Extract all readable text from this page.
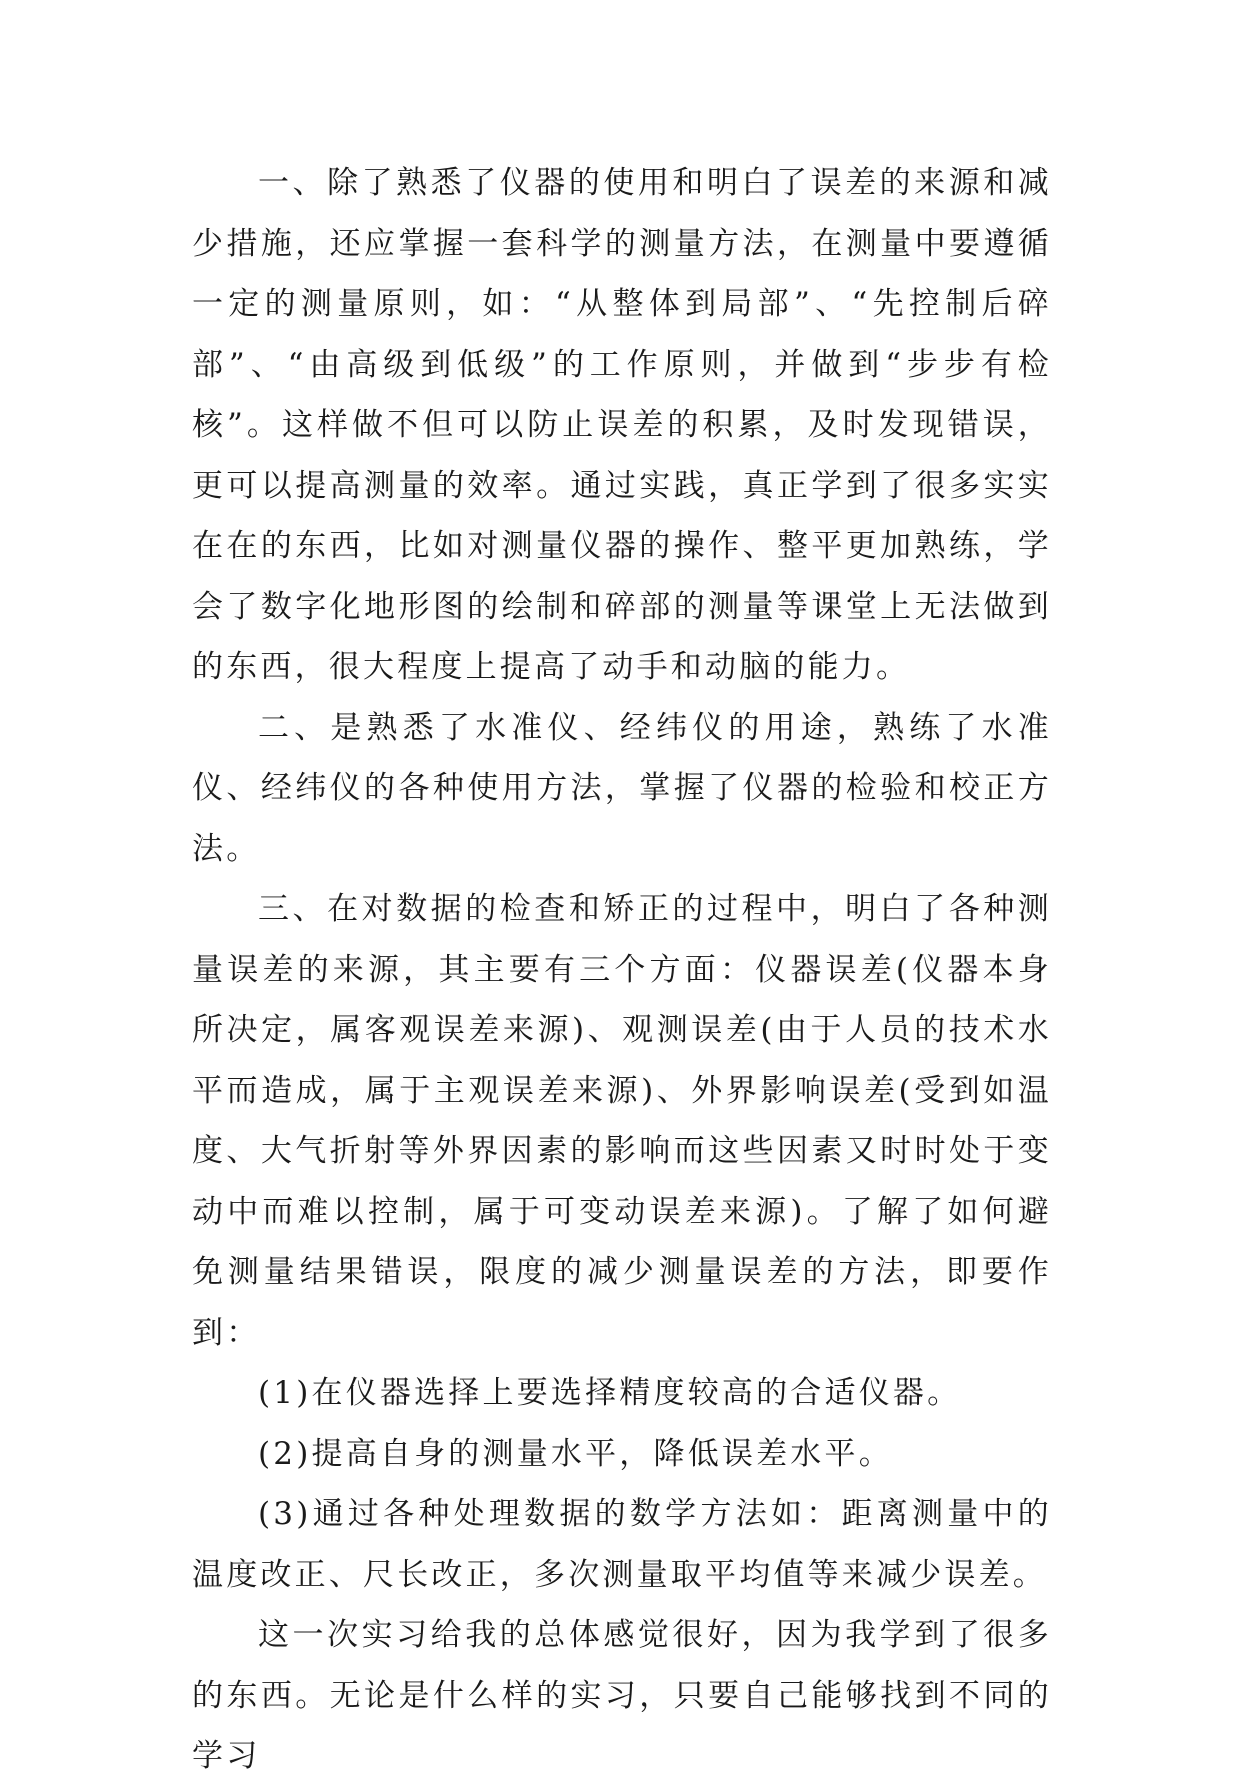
一、除了熟悉了仪器的使用和明白了误差的来源和减少措施，还应掌握一套科学的测量方法，在测量中要遵循一定的测量原则，如：“从整体到局部”、“先控制后碎部”、“由高级到低级”的工作原则，并做到“步步有检核”。这样做不但可以防止误差的积累，及时发现错误，更可以提高测量的效率。通过实践，真正学到了很多实实在在的东西，比如对测量仪器的操作、整平更加熟练，学会了数字化地形图的绘制和碎部的测量等课堂上无法做到的东西，很大程度上提高了动手和动脑的能力。

二、是熟悉了水准仪、经纬仪的用途，熟练了水准仪、经纬仪的各种使用方法，掌握了仪器的检验和校正方法。

三、在对数据的检查和矫正的过程中，明白了各种测量误差的来源，其主要有三个方面：仪器误差(仪器本身所决定，属客观误差来源)、观测误差(由于人员的技术水平而造成，属于主观误差来源)、外界影响误差(受到如温度、大气折射等外界因素的影响而这些因素又时时处于变动中而难以控制，属于可变动误差来源)。了解了如何避免测量结果错误，限度的减少测量误差的方法，即要作到：

(1)在仪器选择上要选择精度较高的合适仪器。

(2)提高自身的测量水平，降低误差水平。

(3)通过各种处理数据的数学方法如：距离测量中的温度改正、尺长改正，多次测量取平均值等来减少误差。

这一次实习给我的总体感觉很好，因为我学到了很多的东西。无论是什么样的实习，只要自己能够找到不同的学习
